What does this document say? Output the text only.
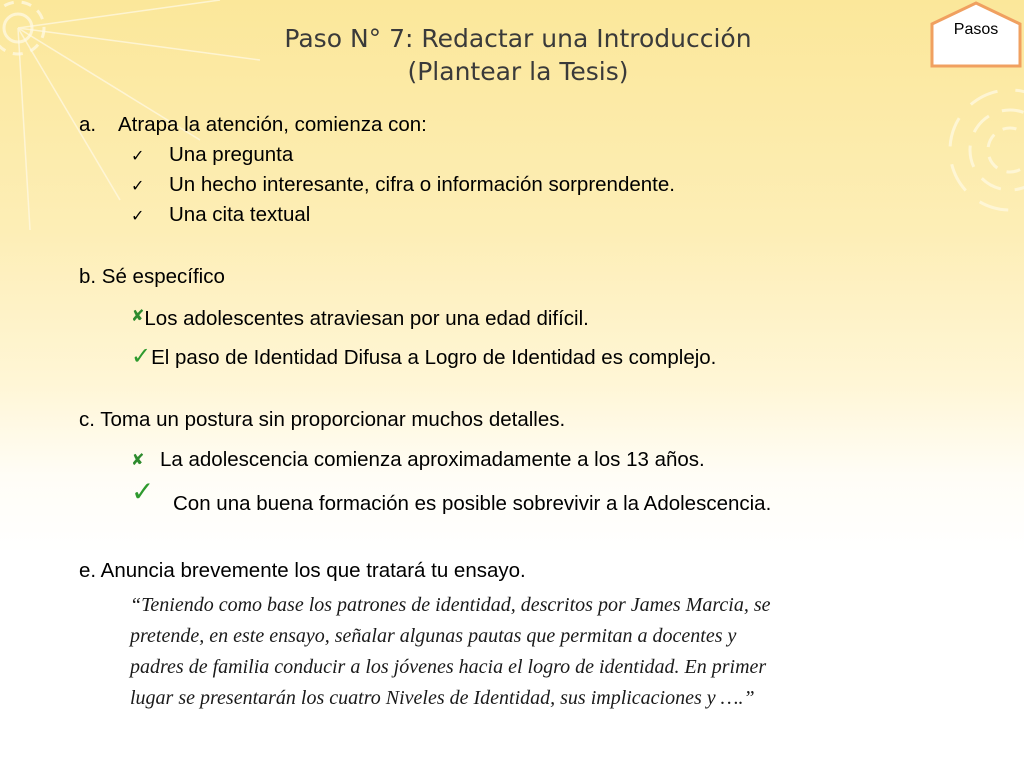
Paso N° 7: Redactar una Introducción
(Plantear la Tesis)
Pasos
a. Atrapa la atención, comienza con:
✓ Una pregunta
✓ Un hecho interesante, cifra o información sorprendente.
✓ Una cita textual
b. Sé específico
✘Los adolescentes atraviesan por una edad difícil.
✓El paso de Identidad Difusa a Logro de Identidad es complejo.
c. Toma un postura sin proporcionar muchos detalles.
✘ La adolescencia comienza aproximadamente a los 13 años.
✓ Con una buena formación es posible sobrevivir a la Adolescencia.
e. Anuncia brevemente los que tratará tu ensayo.
“Teniendo como base los patrones de identidad, descritos por James Marcia, se
pretende, en este ensayo, señalar algunas pautas que permitan a docentes y
padres de familia conducir a los jóvenes hacia el logro de identidad. En primer
lugar se presentarán los cuatro Niveles de Identidad, sus implicaciones y ….”
